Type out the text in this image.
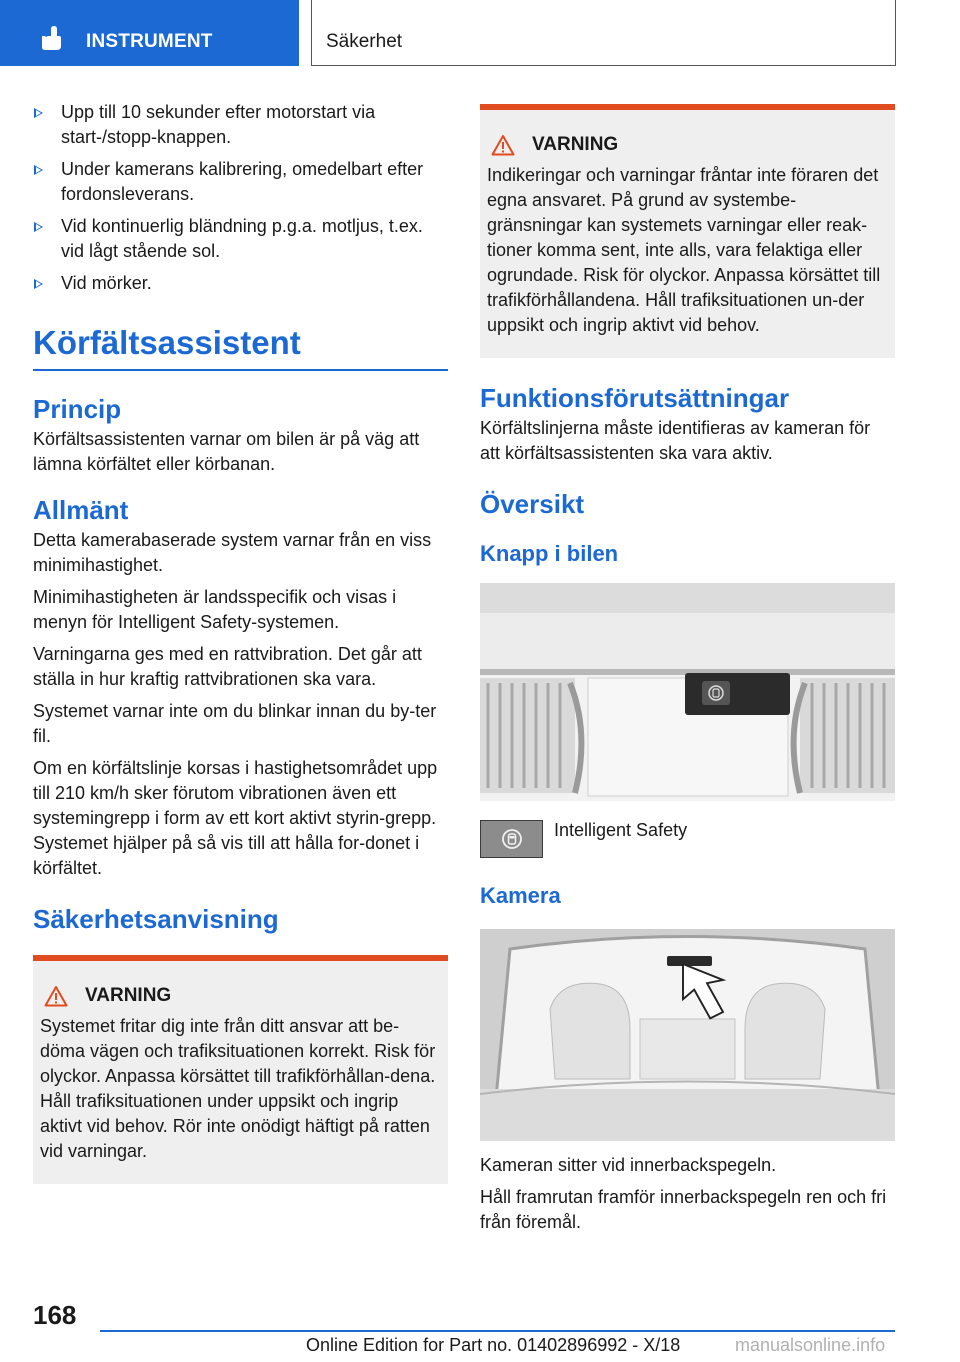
INSTRUMENT	Säkerhet
Upp till 10 sekunder efter motorstart via start-/stopp-knappen.
Under kamerans kalibrering, omedelbart efter fordonsleverans.
Vid kontinuerlig bländning p.g.a. motljus, t.ex. vid lågt stående sol.
Vid mörker.
Körfältsassistent
Princip

Körfältsassistenten varnar om bilen är på väg att lämna körfältet eller körbanan.

Allmänt

Detta kamerabaserade system varnar från en viss minimihastighet.

Minimihastigheten är landsspecifik och visas i menyn för Intelligent Safety-systemen.

Varningarna ges med en rattvibration. Det går att ställa in hur kraftig rattvibrationen ska vara.

Systemet varnar inte om du blinkar innan du by-ter fil.

Om en körfältslinje korsas i hastighetsområdet upp till 210 km/h sker förutom vibrationen även ett systemingrepp i form av ett kort aktivt styrin-grepp. Systemet hjälper på så vis till att hålla for-donet i körfältet.

Säkerhetsanvisning
VARNING

Systemet fritar dig inte från ditt ansvar att be-döma vägen och trafiksituationen korrekt. Risk för olyckor. Anpassa körsättet till trafikförhållan-dena. Håll trafiksituationen under uppsikt och ingrip aktivt vid behov. Rör inte onödigt häftigt på ratten vid varningar.

VARNING

Indikeringar och varningar fråntar inte föraren det egna ansvaret. På grund av systembe-gränsningar kan systemets varningar eller reak-tioner komma sent, inte alls, vara felaktiga eller ogrundade. Risk för olyckor. Anpassa körsättet till trafikförhållandena. Håll trafiksituationen un-der uppsikt och ingrip aktivt vid behov.

Funktionsförutsättningar

Körfältslinjerna måste identifieras av kameran för att körfältsassistenten ska vara aktiv.

Översikt
Knapp i bilen

Intelligent Safety

Kamera

Kameran sitter vid innerbackspegeln.

Håll framrutan framför innerbackspegeln ren och fri från föremål.

168
Online Edition for Part no. 01402896992 - X/18	manualsonline.info
